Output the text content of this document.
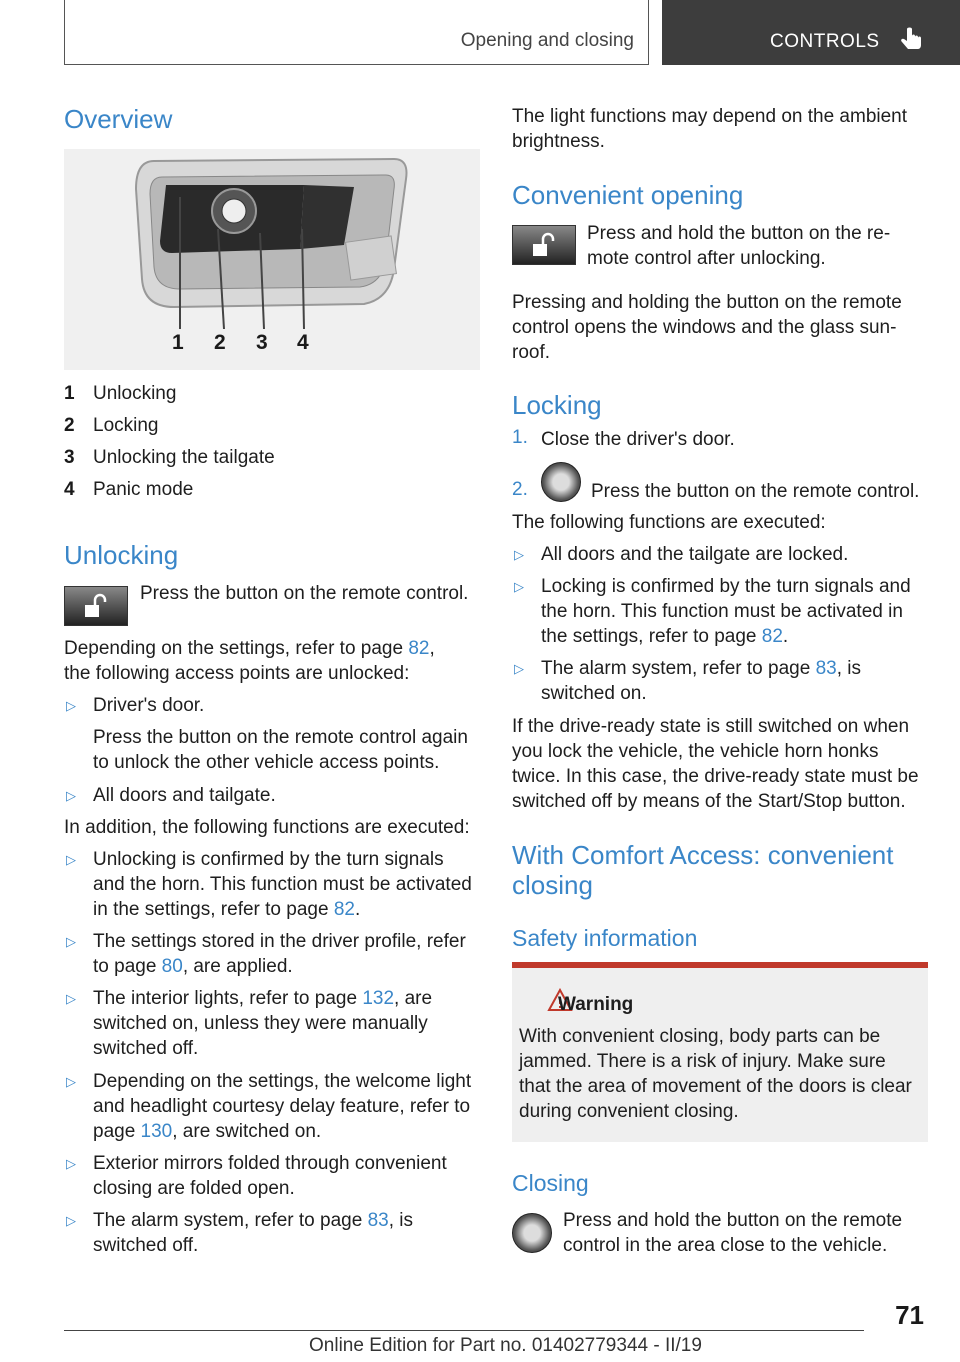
Opening and closing	CONTROLS
Overview
1 2 3 4
1 Unlocking
2 Locking
3 Unlocking the tailgate
4 Panic mode
Unlocking
Press the button on the remote control.
Depending on the settings, refer to page 82,
the following access points are unlocked:
▷ Driver's door.
Press the button on the remote control again
to unlock the other vehicle access points.
▷ All doors and tailgate.
In addition, the following functions are executed:
▷ Unlocking is confirmed by the turn signals
and the horn. This function must be activated
in the settings, refer to page 82.
▷ The settings stored in the driver profile, refer
to page 80, are applied.
▷ The interior lights, refer to page 132, are
switched on, unless they were manually
switched off.
▷ Depending on the settings, the welcome light
and headlight courtesy delay feature, refer to
page 130, are switched on.
▷ Exterior mirrors folded through convenient
closing are folded open.
▷ The alarm system, refer to page 83, is
switched off.
The light functions may depend on the ambient
brightness.
Convenient opening
Press and hold the button on the re-
mote control after unlocking.
Pressing and holding the button on the remote
control opens the windows and the glass sun-
roof.
Locking
1. Close the driver's door.
2.	Press the button on the remote control.
The following functions are executed:
▷ All doors and the tailgate are locked.
▷ Locking is confirmed by the turn signals and
the horn. This function must be activated in
the settings, refer to page 82.
▷ The alarm system, refer to page 83, is
switched on.
If the drive-ready state is still switched on when
you lock the vehicle, the vehicle horn honks
twice. In this case, the drive-ready state must be
switched off by means of the Start/Stop button.
With Comfort Access: convenient
closing
Safety information
Warning
With convenient closing, body parts can be
jammed. There is a risk of injury. Make sure
that the area of movement of the doors is clear
during convenient closing.
Closing
Press and hold the button on the remote
control in the area close to the vehicle.
71
Online Edition for Part no. 01402779344 - II/19
